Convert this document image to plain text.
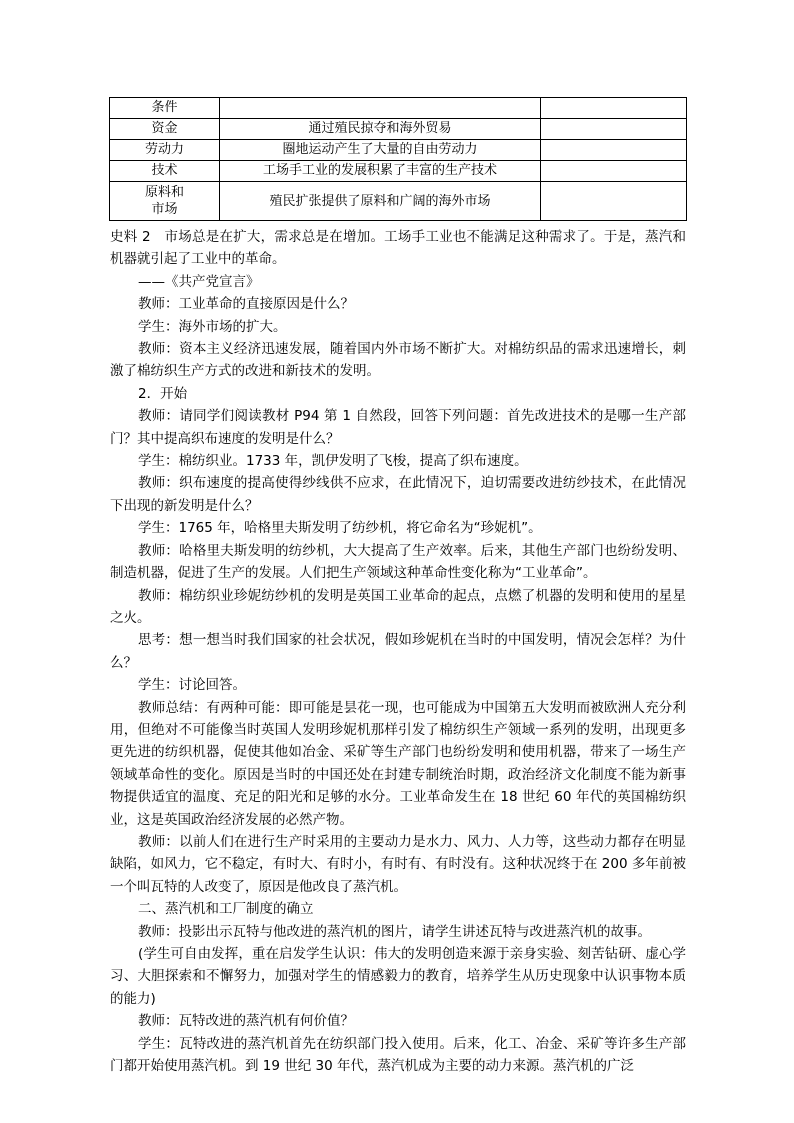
条件		
资金	通过殖民掠夺和海外贸易	
劳动力	圈地运动产生了大量的自由劳动力	
技术	工场手工业的发展积累了丰富的生产技术	
原料和
市场	殖民扩张提供了原料和广阔的海外市场	

史料 2　市场总是在扩大，需求总是在增加。工场手工业也不能满足这种需求了。于是，蒸汽和机器就引起了工业中的革命。

——《共产党宣言》

教师：工业革命的直接原因是什么？

学生：海外市场的扩大。

教师：资本主义经济迅速发展，随着国内外市场不断扩大。对棉纺织品的需求迅速增长，刺激了棉纺织生产方式的改进和新技术的发明。

2．开始

教师：请同学们阅读教材 P94 第 1 自然段，回答下列问题：首先改进技术的是哪一生产部门？其中提高织布速度的发明是什么？

学生：棉纺织业。1733 年，凯伊发明了飞梭，提高了织布速度。

教师：织布速度的提高使得纱线供不应求，在此情况下，迫切需要改进纺纱技术，在此情况下出现的新发明是什么？

学生：1765 年，哈格里夫斯发明了纺纱机，将它命名为“珍妮机”。

教师：哈格里夫斯发明的纺纱机，大大提高了生产效率。后来，其他生产部门也纷纷发明、制造机器，促进了生产的发展。人们把生产领域这种革命性变化称为“工业革命”。

教师：棉纺织业珍妮纺纱机的发明是英国工业革命的起点，点燃了机器的发明和使用的星星之火。

思考：想一想当时我们国家的社会状况，假如珍妮机在当时的中国发明，情况会怎样？为什么？

学生：讨论回答。

教师总结：有两种可能：即可能是昙花一现，也可能成为中国第五大发明而被欧洲人充分利用，但绝对不可能像当时英国人发明珍妮机那样引发了棉纺织生产领域一系列的发明，出现更多更先进的纺织机器，促使其他如冶金、采矿等生产部门也纷纷发明和使用机器，带来了一场生产领域革命性的变化。原因是当时的中国还处在封建专制统治时期，政治经济文化制度不能为新事物提供适宜的温度、充足的阳光和足够的水分。工业革命发生在 18 世纪 60 年代的英国棉纺织业，这是英国政治经济发展的必然产物。

教师：以前人们在进行生产时采用的主要动力是水力、风力、人力等，这些动力都存在明显缺陷，如风力，它不稳定，有时大、有时小，有时有、有时没有。这种状况终于在 200 多年前被一个叫瓦特的人改变了，原因是他改良了蒸汽机。

二、蒸汽机和工厂制度的确立

教师：投影出示瓦特与他改进的蒸汽机的图片，请学生讲述瓦特与改进蒸汽机的故事。

(学生可自由发挥，重在启发学生认识：伟大的发明创造来源于亲身实验、刻苦钻研、虚心学习、大胆探索和不懈努力，加强对学生的情感毅力的教育，培养学生从历史现象中认识事物本质的能力)

教师：瓦特改进的蒸汽机有何价值？

学生：瓦特改进的蒸汽机首先在纺织部门投入使用。后来，化工、冶金、采矿等许多生产部门都开始使用蒸汽机。到 19 世纪 30 年代，蒸汽机成为主要的动力来源。蒸汽机的广泛
